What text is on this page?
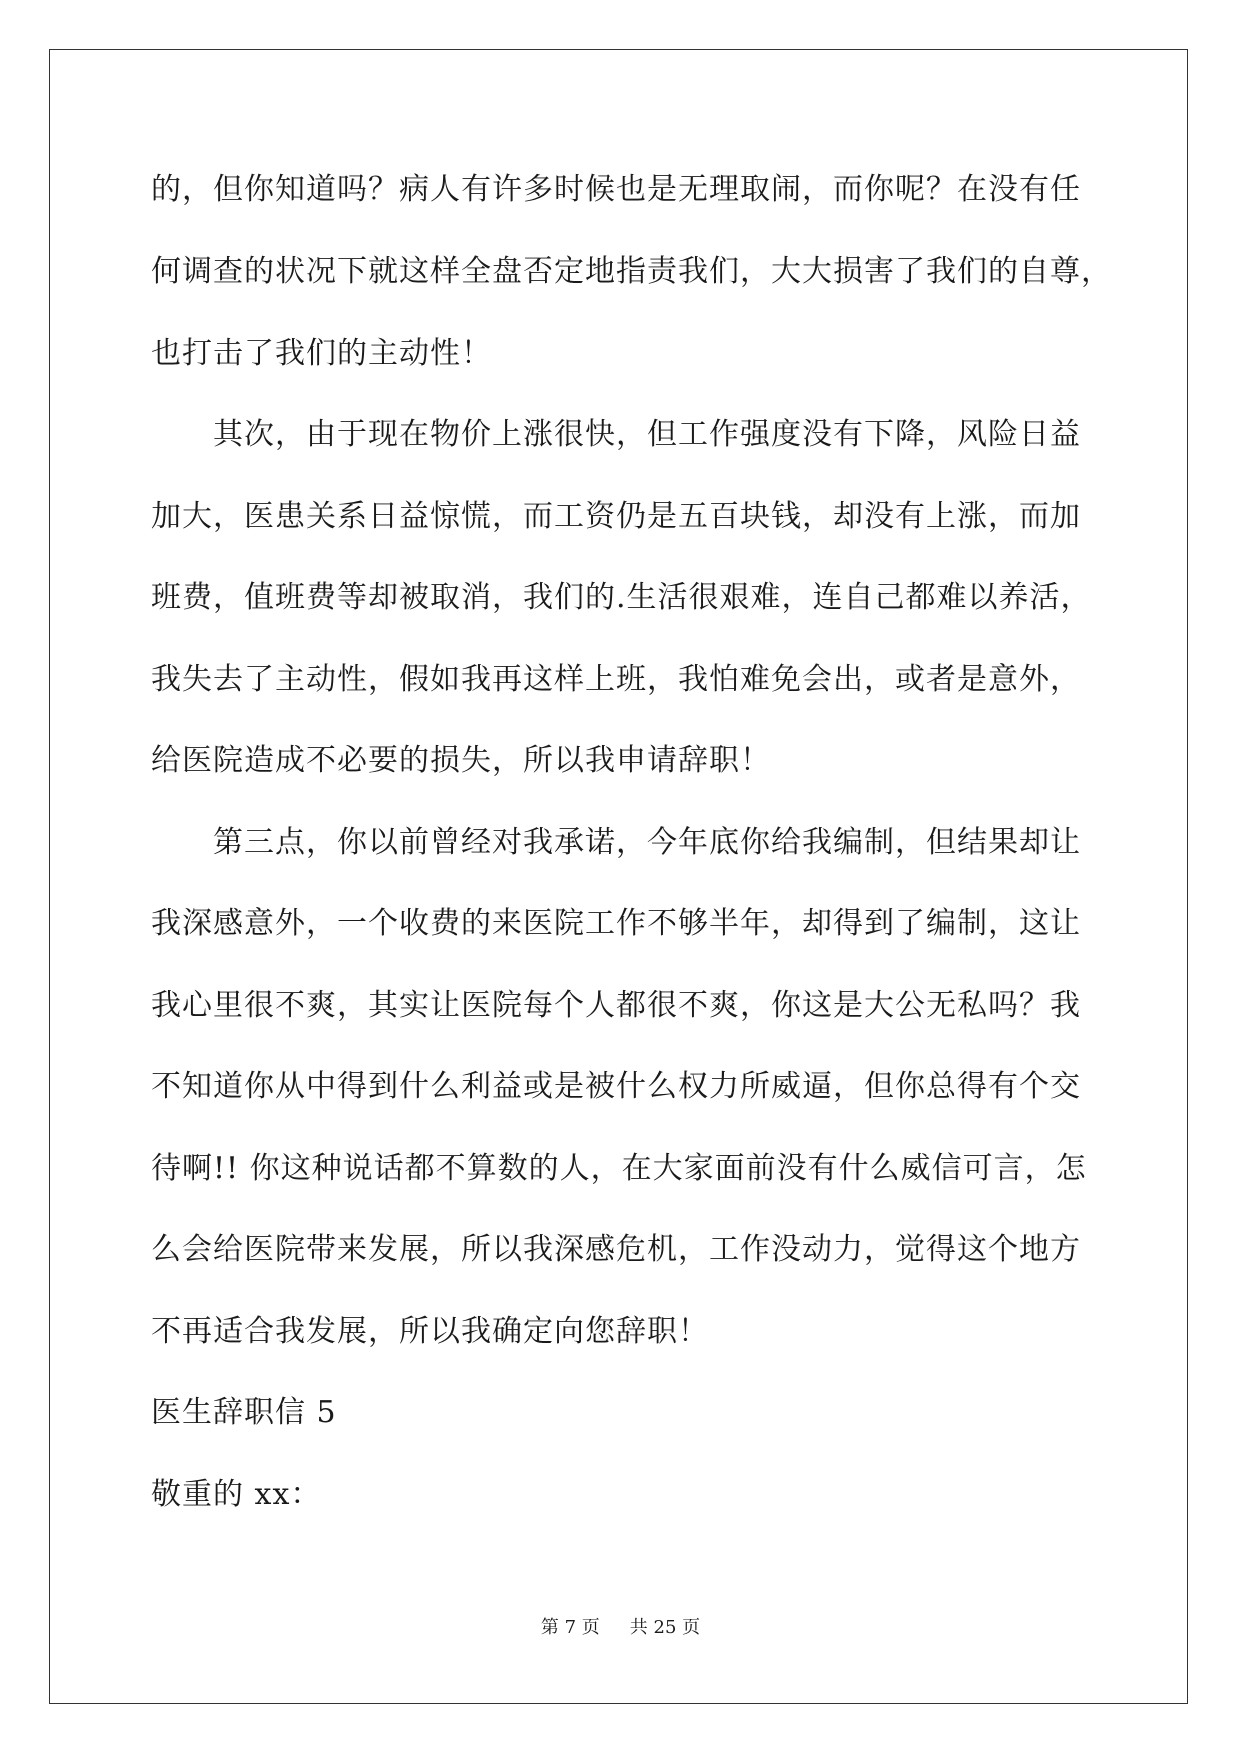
的，但你知道吗？病人有许多时候也是无理取闹，而你呢？在没有任
何调查的状况下就这样全盘否定地指责我们，大大损害了我们的自尊，
也打击了我们的主动性！
其次，由于现在物价上涨很快，但工作强度没有下降，风险日益
加大，医患关系日益惊慌，而工资仍是五百块钱，却没有上涨，而加
班费，值班费等却被取消，我们的.生活很艰难，连自己都难以养活，
我失去了主动性，假如我再这样上班，我怕难免会出，或者是意外，
给医院造成不必要的损失，所以我申请辞职！
第三点，你以前曾经对我承诺，今年底你给我编制，但结果却让
我深感意外，一个收费的来医院工作不够半年，却得到了编制，这让
我心里很不爽，其实让医院每个人都很不爽，你这是大公无私吗？我
不知道你从中得到什么利益或是被什么权力所威逼，但你总得有个交
待啊!! 你这种说话都不算数的人，在大家面前没有什么威信可言，怎
么会给医院带来发展，所以我深感危机，工作没动力，觉得这个地方
不再适合我发展，所以我确定向您辞职！
医生辞职信 5
敬重的 xx：
第 7 页 共 25 页
